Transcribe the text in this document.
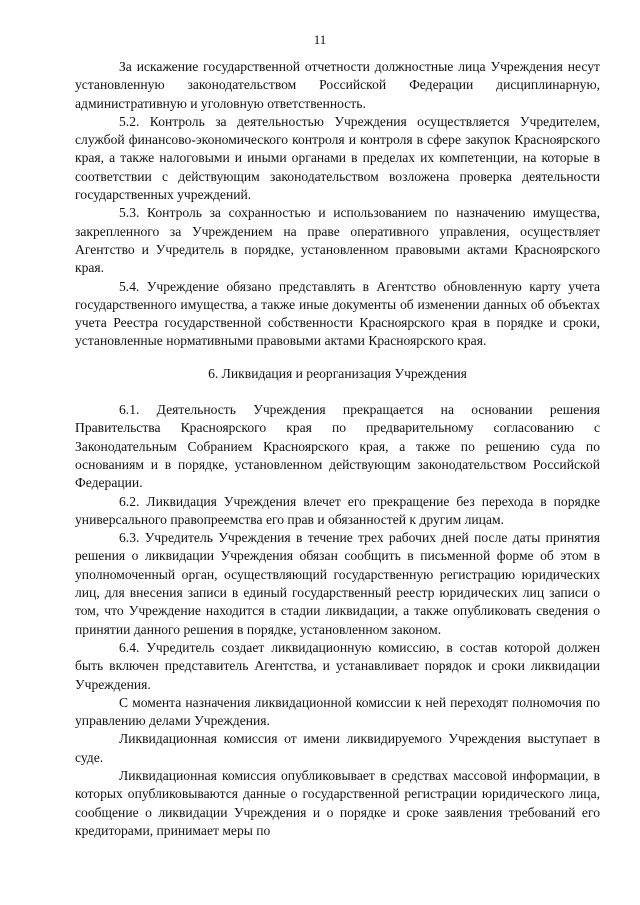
11

За искажение государственной отчетности должностные лица Учреждения несут установленную законодательством Российской Федерации дисциплинарную, административную и уголовную ответственность.

5.2. Контроль за деятельностью Учреждения осуществляется Учредителем, службой финансово-экономического контроля и контроля в сфере закупок Красноярского края, а также налоговыми и иными органами в пределах их компетенции, на которые в соответствии с действующим законодательством возложена проверка деятельности государственных учреждений.

5.3. Контроль за сохранностью и использованием по назначению имущества, закрепленного за Учреждением на праве оперативного управления, осуществляет Агентство и Учредитель в порядке, установленном правовыми актами Красноярского края.

5.4. Учреждение обязано представлять в Агентство обновленную карту учета государственного имущества, а также иные документы об изменении данных об объектах учета Реестра государственной собственности Красноярского края в порядке и сроки, установленные нормативными правовыми актами Красноярского края.

6. Ликвидация и реорганизация Учреждения

6.1. Деятельность Учреждения прекращается на основании решения Правительства Красноярского края по предварительному согласованию с Законодательным Собранием Красноярского края, а также по решению суда по основаниям и в порядке, установленном действующим законодательством Российской Федерации.

6.2. Ликвидация Учреждения влечет его прекращение без перехода в порядке универсального правопреемства его прав и обязанностей к другим лицам.

6.3. Учредитель Учреждения в течение трех рабочих дней после даты принятия решения о ликвидации Учреждения обязан сообщить в письменной форме об этом в уполномоченный орган, осуществляющий государственную регистрацию юридических лиц, для внесения записи в единый государственный реестр юридических лиц записи о том, что Учреждение находится в стадии ликвидации, а также опубликовать сведения о принятии данного решения в порядке, установленном законом.

6.4. Учредитель создает ликвидационную комиссию, в состав которой должен быть включен представитель Агентства, и устанавливает порядок и сроки ликвидации Учреждения.

С момента назначения ликвидационной комиссии к ней переходят полномочия по управлению делами Учреждения.

Ликвидационная комиссия от имени ликвидируемого Учреждения выступает в суде.

Ликвидационная комиссия опубликовывает в средствах массовой информации, в которых опубликовываются данные о государственной регистрации юридического лица, сообщение о ликвидации Учреждения и о порядке и сроке заявления требований его кредиторами, принимает меры по
